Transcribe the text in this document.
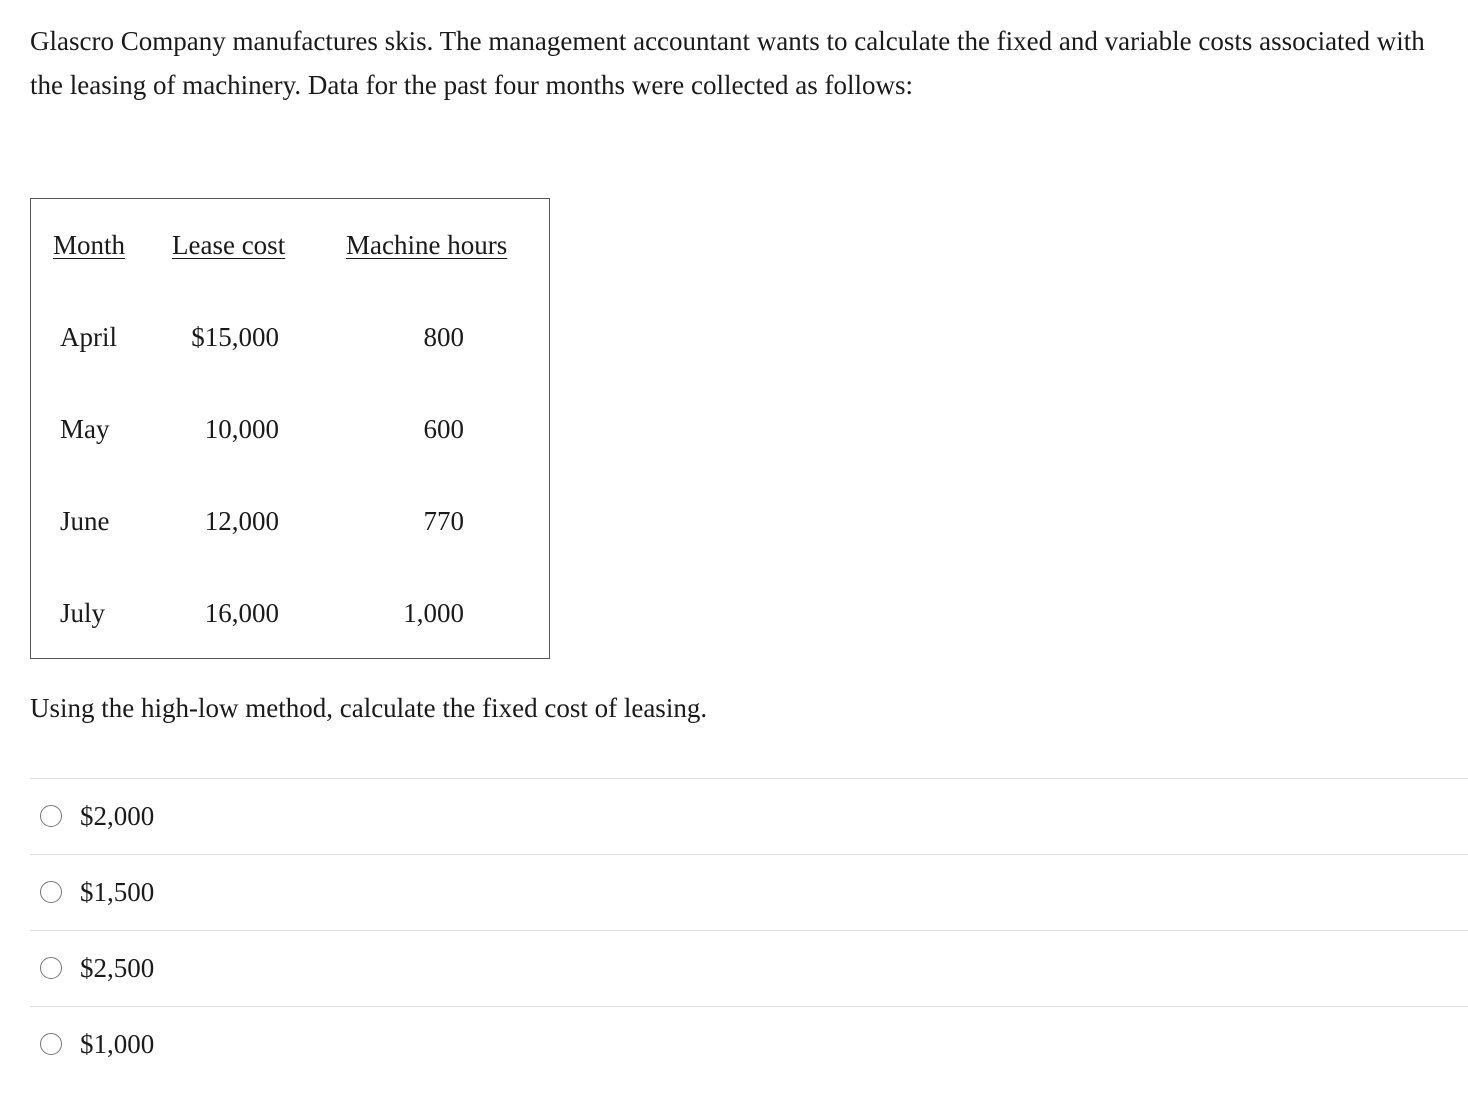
Glascro Company manufactures skis. The management accountant wants to calculate the fixed and variable costs associated with the leasing of machinery. Data for the past four months were collected as follows:

Month Lease cost Machine hours
April	$15,000	800
May	10,000	600
June	12,000	770
July	16,000	1,000

Using the high-low method, calculate the fixed cost of leasing.

$2,000
$1,500
$2,500
$1,000
